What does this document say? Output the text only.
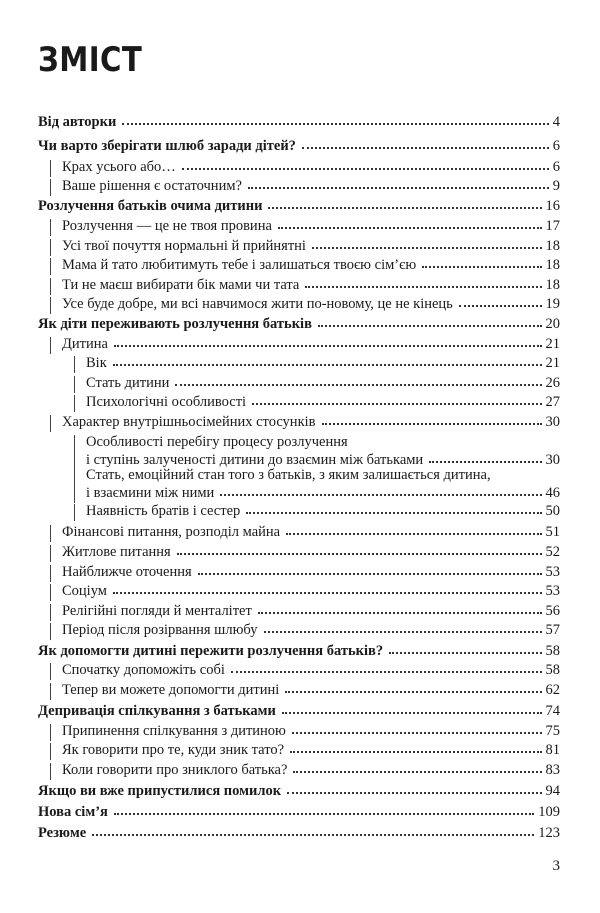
ЗМІСТ
Від авторки	4
Чи варто зберігати шлюб заради дітей?	6
Крах усього або…	6
Ваше рішення є остаточним?	9
Розлучення батьків очима дитини	16
Розлучення — це не твоя провина	17
Усі твої почуття нормальні й прийнятні	18
Мама й тато любитимуть тебе і залишаться твоєю сім’єю	18
Ти не маєш вибирати бік мами чи тата	18
Усе буде добре, ми всі навчимося жити по-новому, це не кінець	19
Як діти переживають розлучення батьків	20
Дитина	21
Вік	21
Стать дитини	26
Психологічні особливості	27
Характер внутрішньосімейних стосунків	30
Особливості перебігу процесу розлучення
і ступінь залученості дитини до взаємин між батьками	30
Стать, емоційний стан того з батьків, з яким залишається дитина,
і взаємини між ними	46
Наявність братів і сестер	50
Фінансові питання, розподіл майна	51
Житлове питання	52
Найближче оточення	53
Соціум	53
Релігійні погляди й менталітет	56
Період після розірвання шлюбу	57
Як допомогти дитині пережити розлучення батьків?	58
Спочатку допоможіть собі	58
Тепер ви можете допомогти дитині	62
Депривація спілкування з батьками	74
Припинення спілкування з дитиною	75
Як говорити про те, куди зник тато?	81
Коли говорити про зниклого батька?	83
Якщо ви вже припустилися помилок	94
Нова сім’я	109
Резюме	123
3
